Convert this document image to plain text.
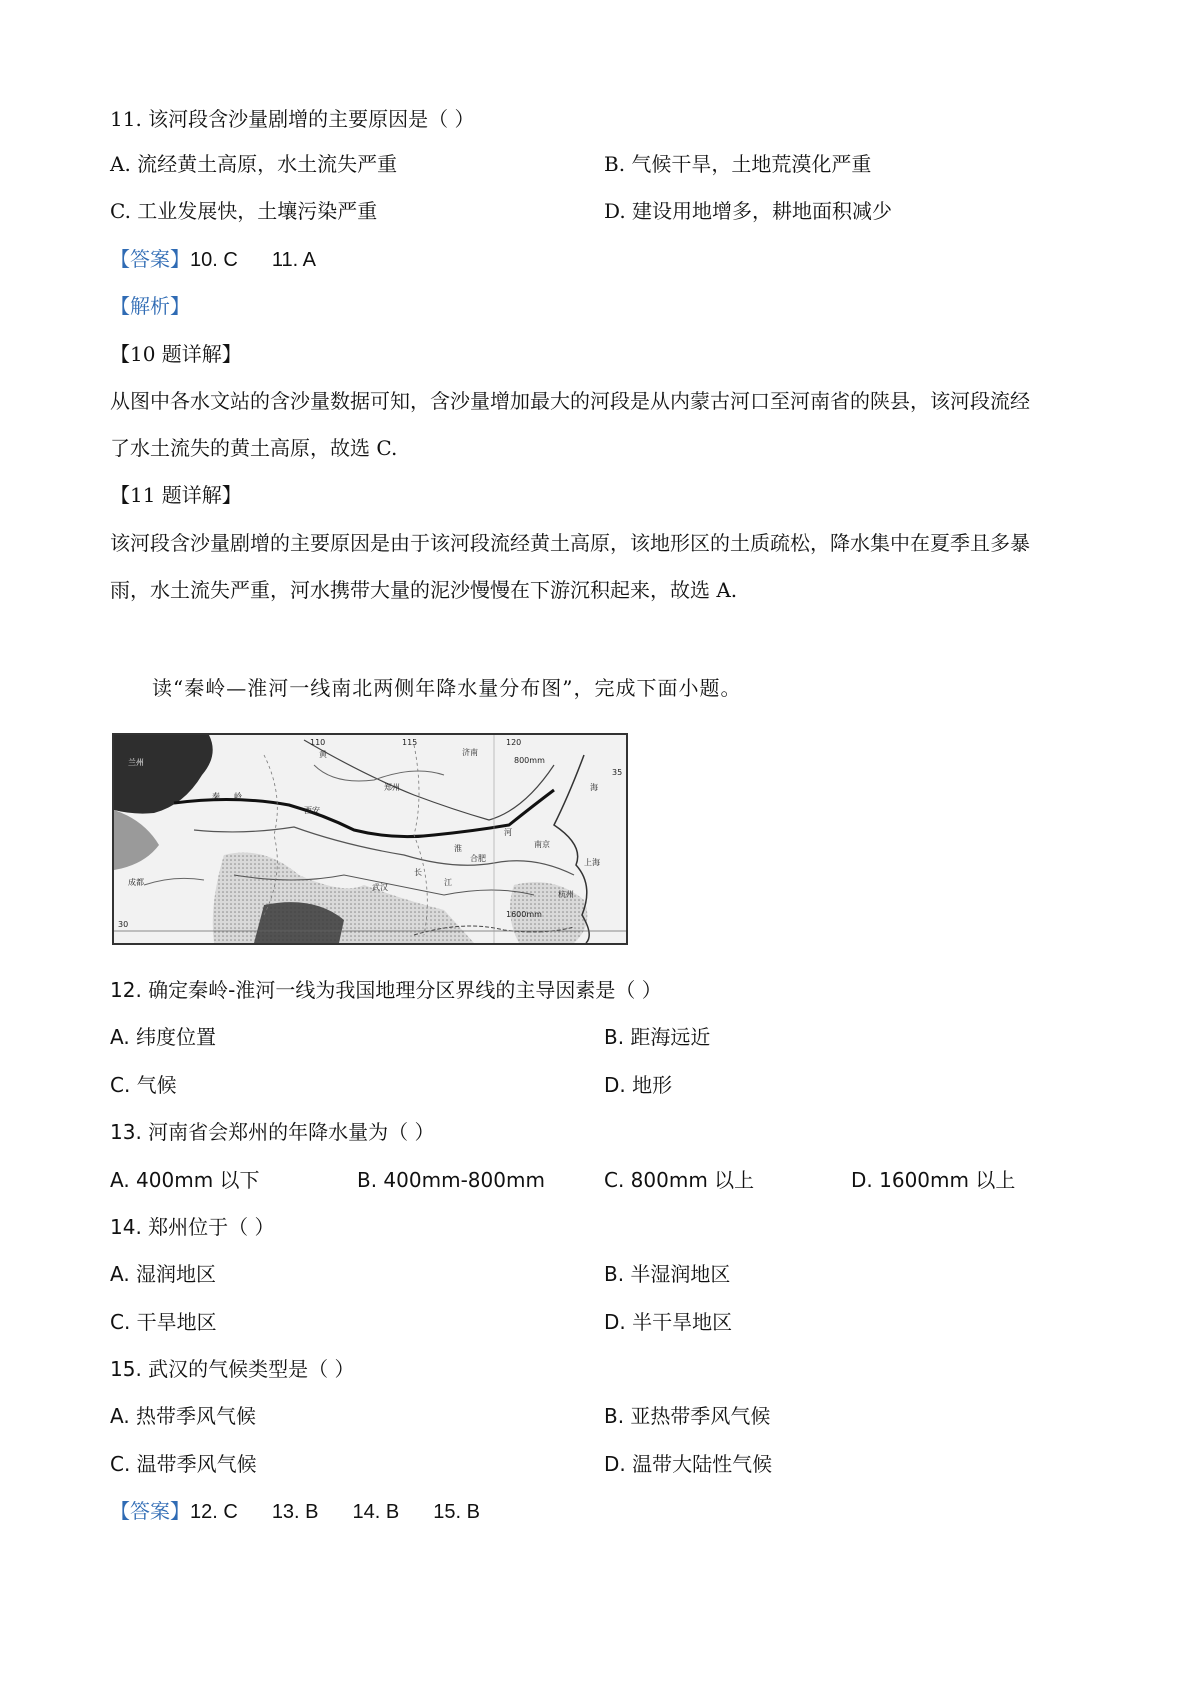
11. 该河段含沙量剧增的主要原因是（ ）
A. 流经黄土高原，水土流失严重	B. 气候干旱，土地荒漠化严重
C. 工业发展快，土壤污染严重	D. 建设用地增多，耕地面积减少
【答案】10. C 11. A
【解析】
【10 题详解】
从图中各水文站的含沙量数据可知，含沙量增加最大的河段是从内蒙古河口至河南省的陕县，该河段流经
了水土流失的黄土高原，故选 C.
【11 题详解】
该河段含沙量剧增的主要原因是由于该河段流经黄土高原，该地形区的土质疏松，降水集中在夏季且多暴
雨，水土流失严重，河水携带大量的泥沙慢慢在下游沉积起来，故选 A.
读“秦岭—淮河一线南北两侧年降水量分布图”，完成下面小题。
110	115	120
35
30
800mm
1600mm
兰州
西安
郑州
济南
淮
河
合肥
南京
上海
成都
武汉
长
江
杭州
黄
海
秦 岭
12. 确定秦岭-淮河一线为我国地理分区界线的主导因素是（ ）
A. 纬度位置	B. 距海远近
C. 气候	D. 地形
13. 河南省会郑州的年降水量为（ ）
A. 400mm 以下	B. 400mm-800mm	C. 800mm 以上	D. 1600mm 以上
14. 郑州位于（ ）
A. 湿润地区	B. 半湿润地区
C. 干旱地区	D. 半干旱地区
15. 武汉的气候类型是（ ）
A. 热带季风气候	B. 亚热带季风气候
C. 温带季风气候	D. 温带大陆性气候
【答案】12. C 13. B 14. B 15. B
